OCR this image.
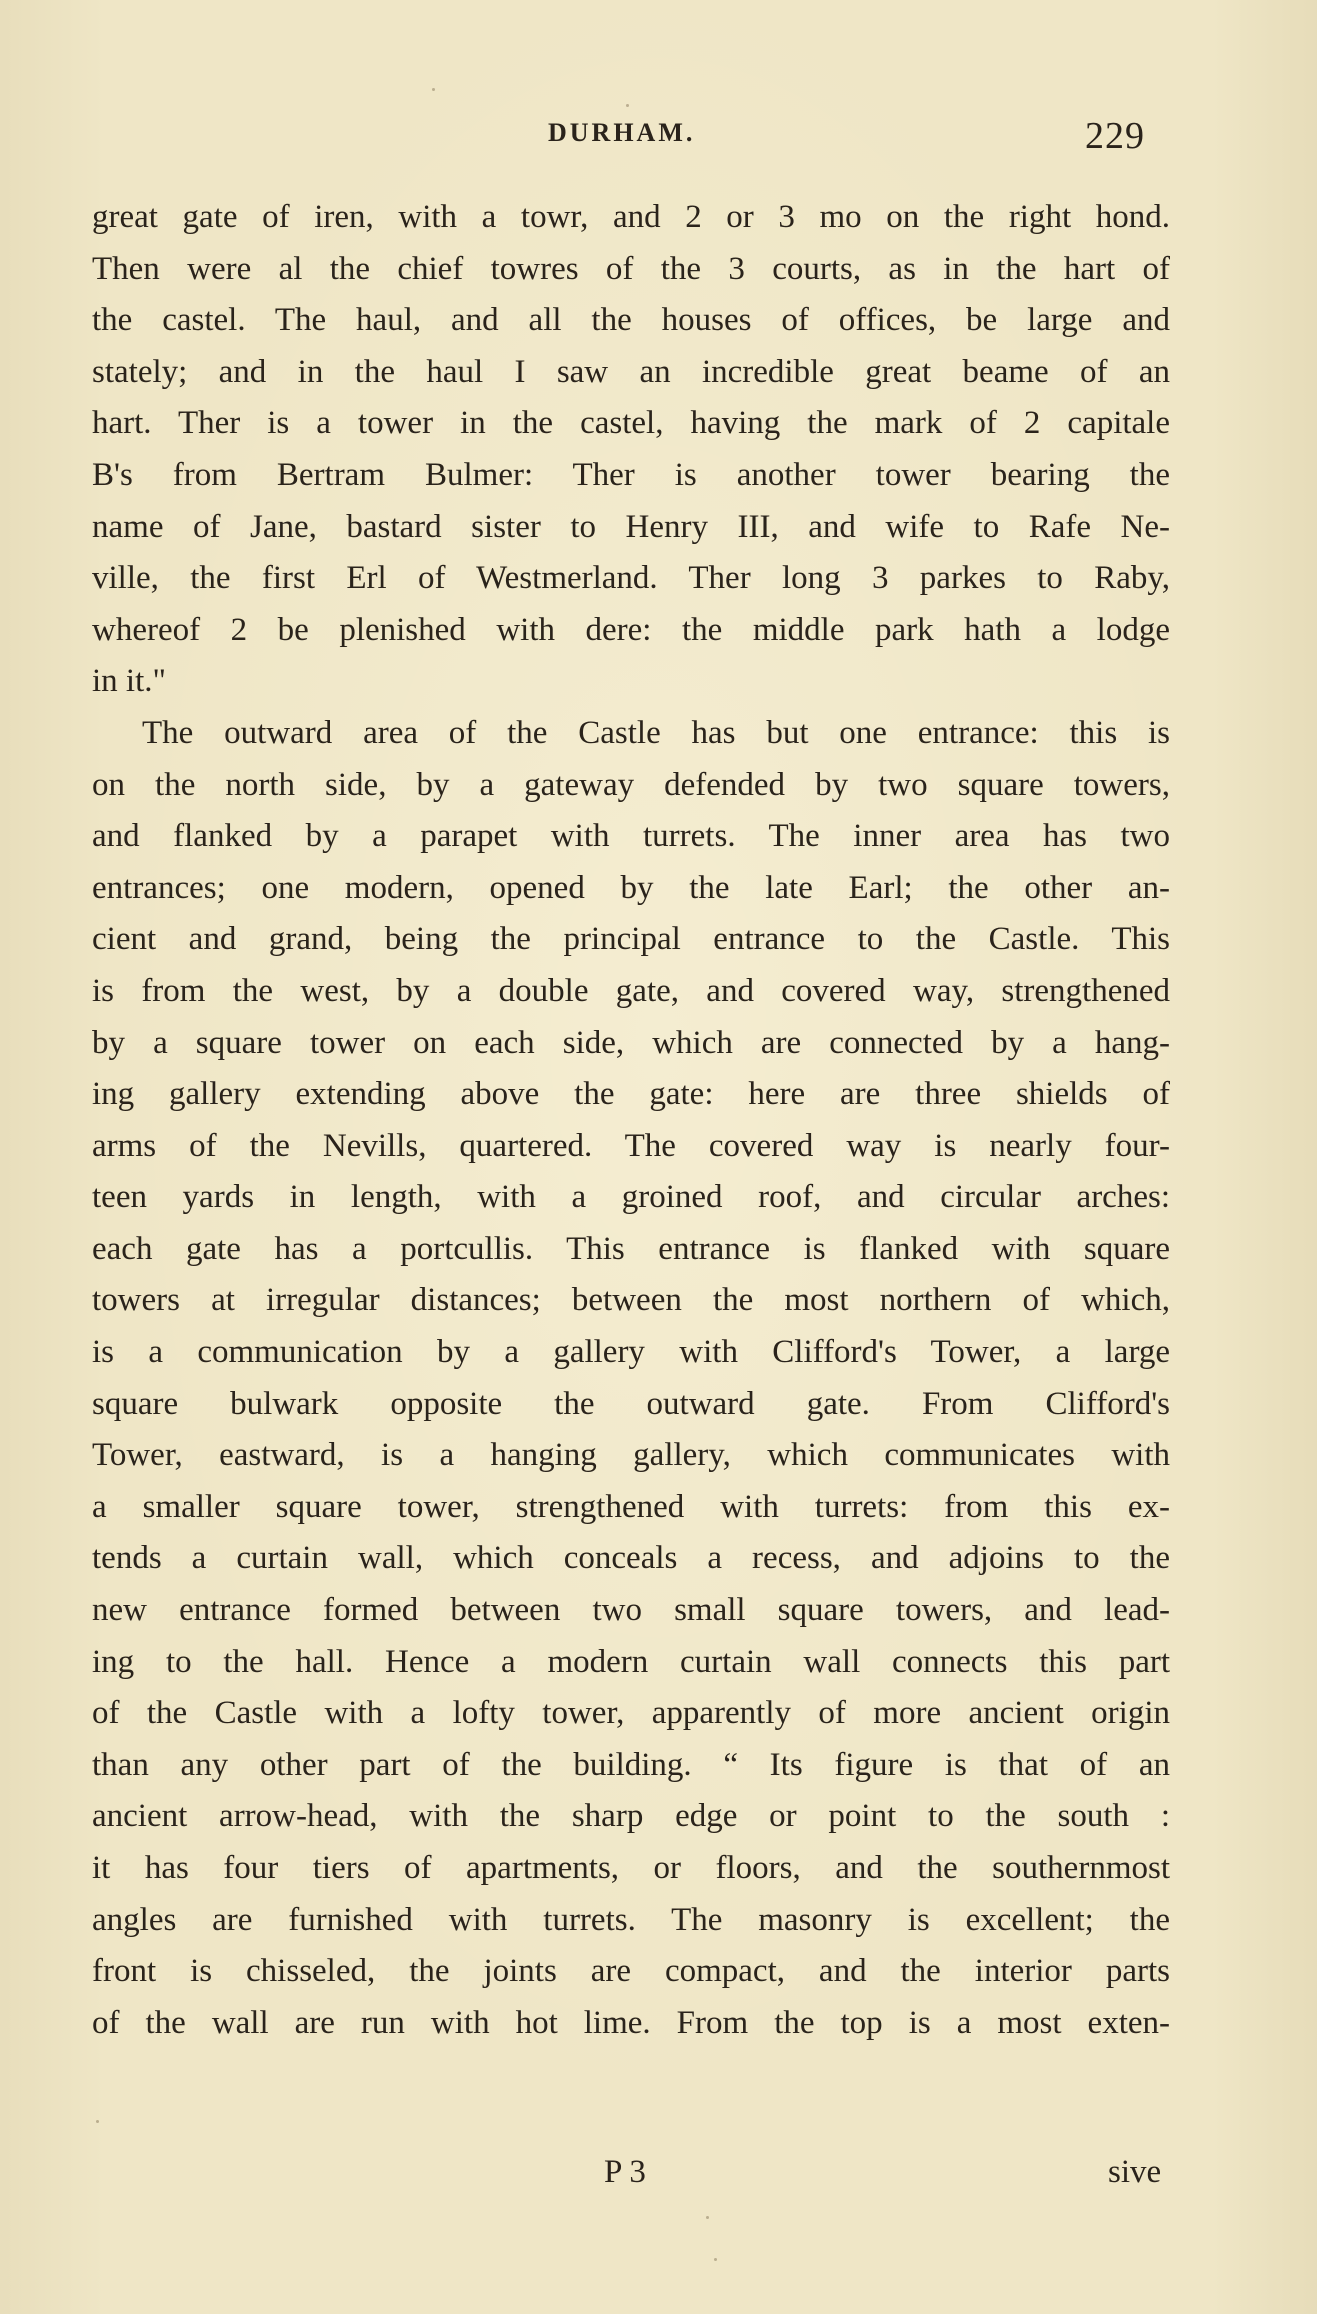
DURHAM.	229
great gate of iren, with a towr, and 2 or 3 mo on the right hond.
Then were al the chief towres of the 3 courts, as in the hart of
the castel. The haul, and all the houses of offices, be large and
stately; and in the haul I saw an incredible great beame of an
hart. Ther is a tower in the castel, having the mark of 2 capitale
B's from Bertram Bulmer: Ther is another tower bearing the
name of Jane, bastard sister to Henry III, and wife to Rafe Ne-
ville, the first Erl of Westmerland. Ther long 3 parkes to Raby,
whereof 2 be plenished with dere: the middle park hath a lodge
in it."
The outward area of the Castle has but one entrance: this is
on the north side, by a gateway defended by two square towers,
and flanked by a parapet with turrets. The inner area has two
entrances; one modern, opened by the late Earl; the other an-
cient and grand, being the principal entrance to the Castle. This
is from the west, by a double gate, and covered way, strengthened
by a square tower on each side, which are connected by a hang-
ing gallery extending above the gate: here are three shields of
arms of the Nevills, quartered. The covered way is nearly four-
teen yards in length, with a groined roof, and circular arches:
each gate has a portcullis. This entrance is flanked with square
towers at irregular distances; between the most northern of which,
is a communication by a gallery with Clifford's Tower, a large
square bulwark opposite the outward gate. From Clifford's
Tower, eastward, is a hanging gallery, which communicates with
a smaller square tower, strengthened with turrets: from this ex-
tends a curtain wall, which conceals a recess, and adjoins to the
new entrance formed between two small square towers, and lead-
ing to the hall. Hence a modern curtain wall connects this part
of the Castle with a lofty tower, apparently of more ancient origin
than any other part of the building. “ Its figure is that of an
ancient arrow-head, with the sharp edge or point to the south :
it has four tiers of apartments, or floors, and the southernmost
angles are furnished with turrets. The masonry is excellent; the
front is chisseled, the joints are compact, and the interior parts
of the wall are run with hot lime. From the top is a most exten-
P 3	sive
